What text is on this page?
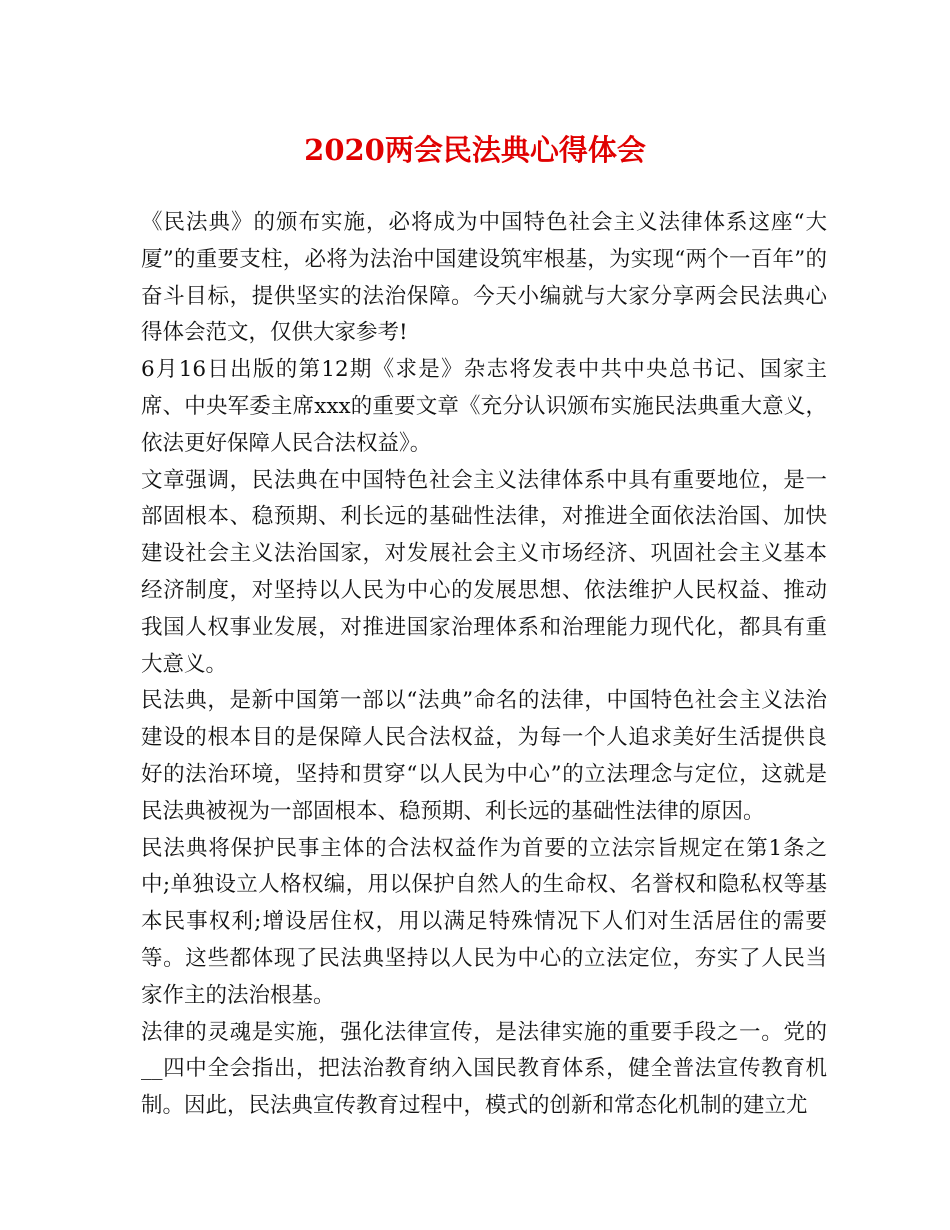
2020两会民法典心得体会

《民法典》的颁布实施，必将成为中国特色社会主义法律体系这座“大厦”的重要支柱，必将为法治中国建设筑牢根基，为实现“两个一百年”的奋斗目标，提供坚实的法治保障。今天小编就与大家分享两会民法典心得体会范文，仅供大家参考!

6月16日出版的第12期《求是》杂志将发表中共中央总书记、国家主席、中央军委主席xxx的重要文章《充分认识颁布实施民法典重大意义，依法更好保障人民合法权益》。

文章强调，民法典在中国特色社会主义法律体系中具有重要地位，是一部固根本、稳预期、利长远的基础性法律，对推进全面依法治国、加快建设社会主义法治国家，对发展社会主义市场经济、巩固社会主义基本经济制度，对坚持以人民为中心的发展思想、依法维护人民权益、推动我国人权事业发展，对推进国家治理体系和治理能力现代化，都具有重大意义。

民法典，是新中国第一部以“法典”命名的法律，中国特色社会主义法治建设的根本目的是保障人民合法权益，为每一个人追求美好生活提供良好的法治环境，坚持和贯穿“以人民为中心”的立法理念与定位，这就是民法典被视为一部固根本、稳预期、利长远的基础性法律的原因。

民法典将保护民事主体的合法权益作为首要的立法宗旨规定在第1条之中;单独设立人格权编，用以保护自然人的生命权、名誉权和隐私权等基本民事权利;增设居住权，用以满足特殊情况下人们对生活居住的需要等。这些都体现了民法典坚持以人民为中心的立法定位，夯实了人民当家作主的法治根基。

法律的灵魂是实施，强化法律宣传，是法律实施的重要手段之一。党的__四中全会指出，把法治教育纳入国民教育体系，健全普法宣传教育机制。因此，民法典宣传教育过程中，模式的创新和常态化机制的建立尤
